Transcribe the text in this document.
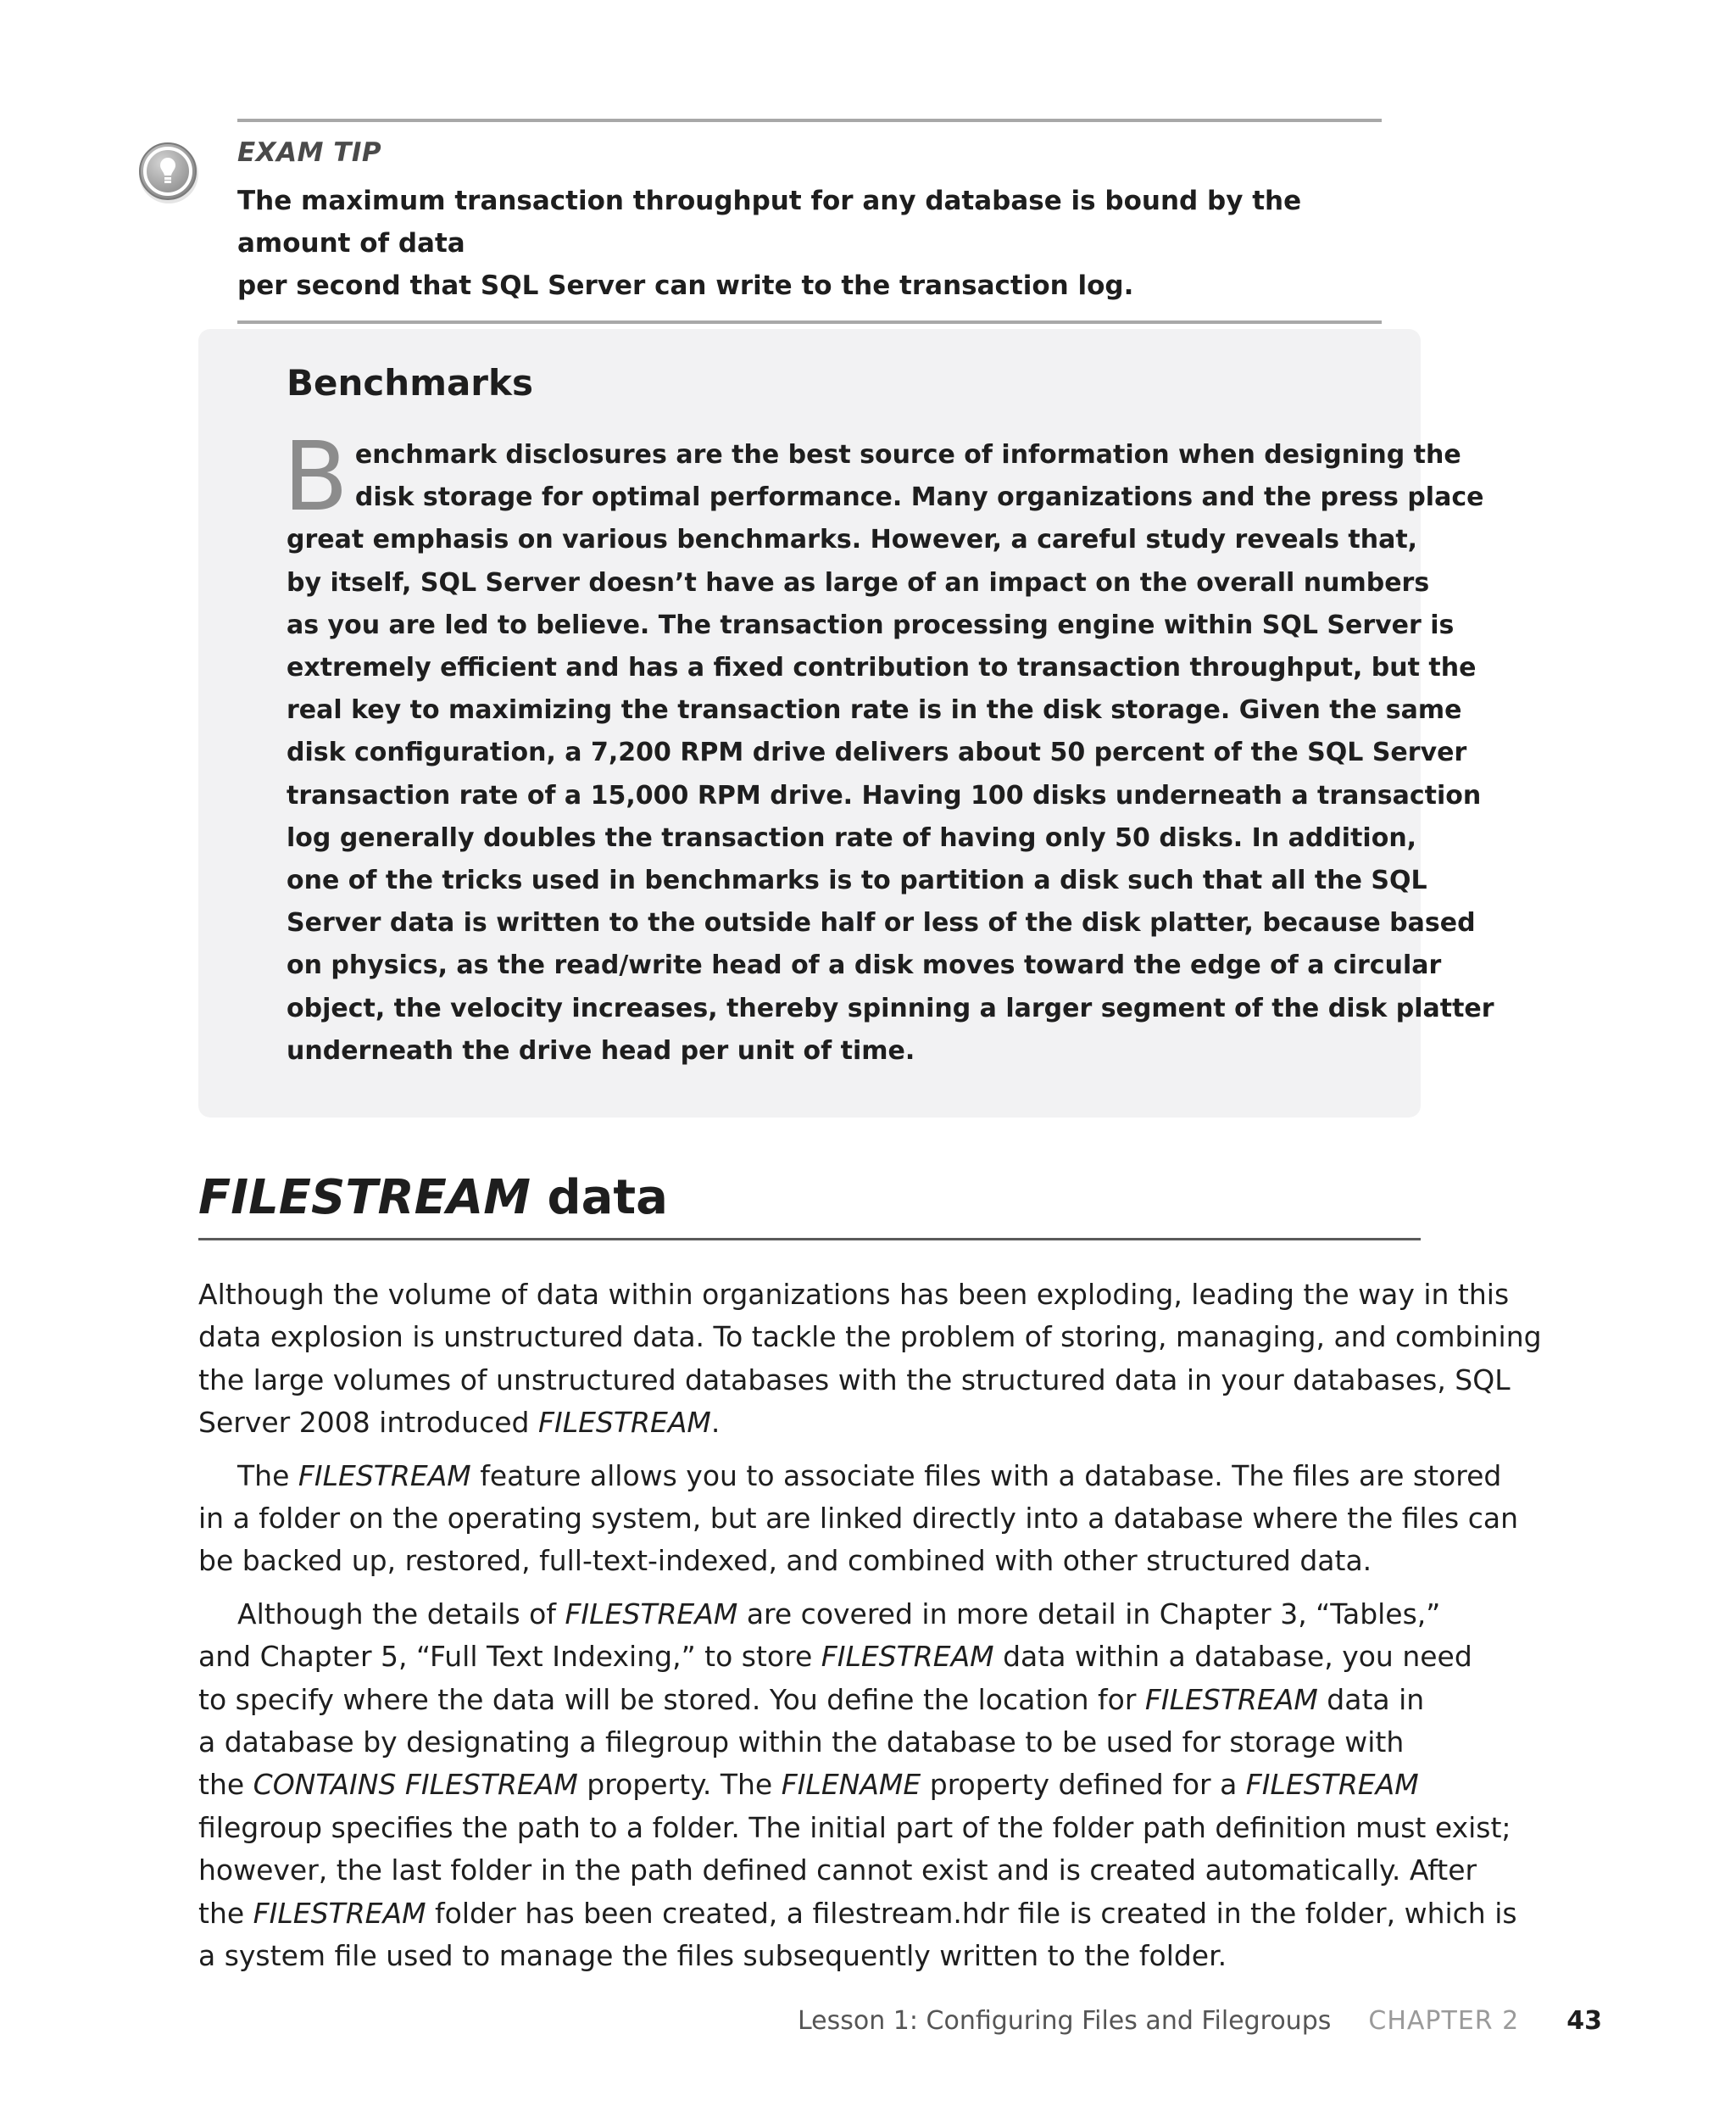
EXAM TIP

The maximum transaction throughput for any database is bound by the amount of data
per second that SQL Server can write to the transaction log.

Benchmarks

B enchmark disclosures are the best source of information when designing the
disk storage for optimal performance. Many organizations and the press place
great emphasis on various benchmarks. However, a careful study reveals that,
by itself, SQL Server doesn’t have as large of an impact on the overall numbers
as you are led to believe. The transaction processing engine within SQL Server is
extremely efficient and has a fixed contribution to transaction throughput, but the
real key to maximizing the transaction rate is in the disk storage. Given the same
disk configuration, a 7,200 RPM drive delivers about 50 percent of the SQL Server
transaction rate of a 15,000 RPM drive. Having 100 disks underneath a transaction
log generally doubles the transaction rate of having only 50 disks. In addition,
one of the tricks used in benchmarks is to partition a disk such that all the SQL
Server data is written to the outside half or less of the disk platter, because based
on physics, as the read/write head of a disk moves toward the edge of a circular
object, the velocity increases, thereby spinning a larger segment of the disk platter
underneath the drive head per unit of time.

FILESTREAM data

Although the volume of data within organizations has been exploding, leading the way in this
data explosion is unstructured data. To tackle the problem of storing, managing, and combining
the large volumes of unstructured databases with the structured data in your databases, SQL
Server 2008 introduced FILESTREAM.

The FILESTREAM feature allows you to associate files with a database. The files are stored
in a folder on the operating system, but are linked directly into a database where the files can
be backed up, restored, full-text-indexed, and combined with other structured data.

Although the details of FILESTREAM are covered in more detail in Chapter 3, “Tables,”
and Chapter 5, “Full Text Indexing,” to store FILESTREAM data within a database, you need
to specify where the data will be stored. You define the location for FILESTREAM data in
a database by designating a filegroup within the database to be used for storage with
the CONTAINS FILESTREAM property. The FILENAME property defined for a FILESTREAM
filegroup specifies the path to a folder. The initial part of the folder path definition must exist;
however, the last folder in the path defined cannot exist and is created automatically. After
the FILESTREAM folder has been created, a filestream.hdr file is created in the folder, which is
a system file used to manage the files subsequently written to the folder.

Lesson 1: Configuring Files and Filegroups CHAPTER 2 43
